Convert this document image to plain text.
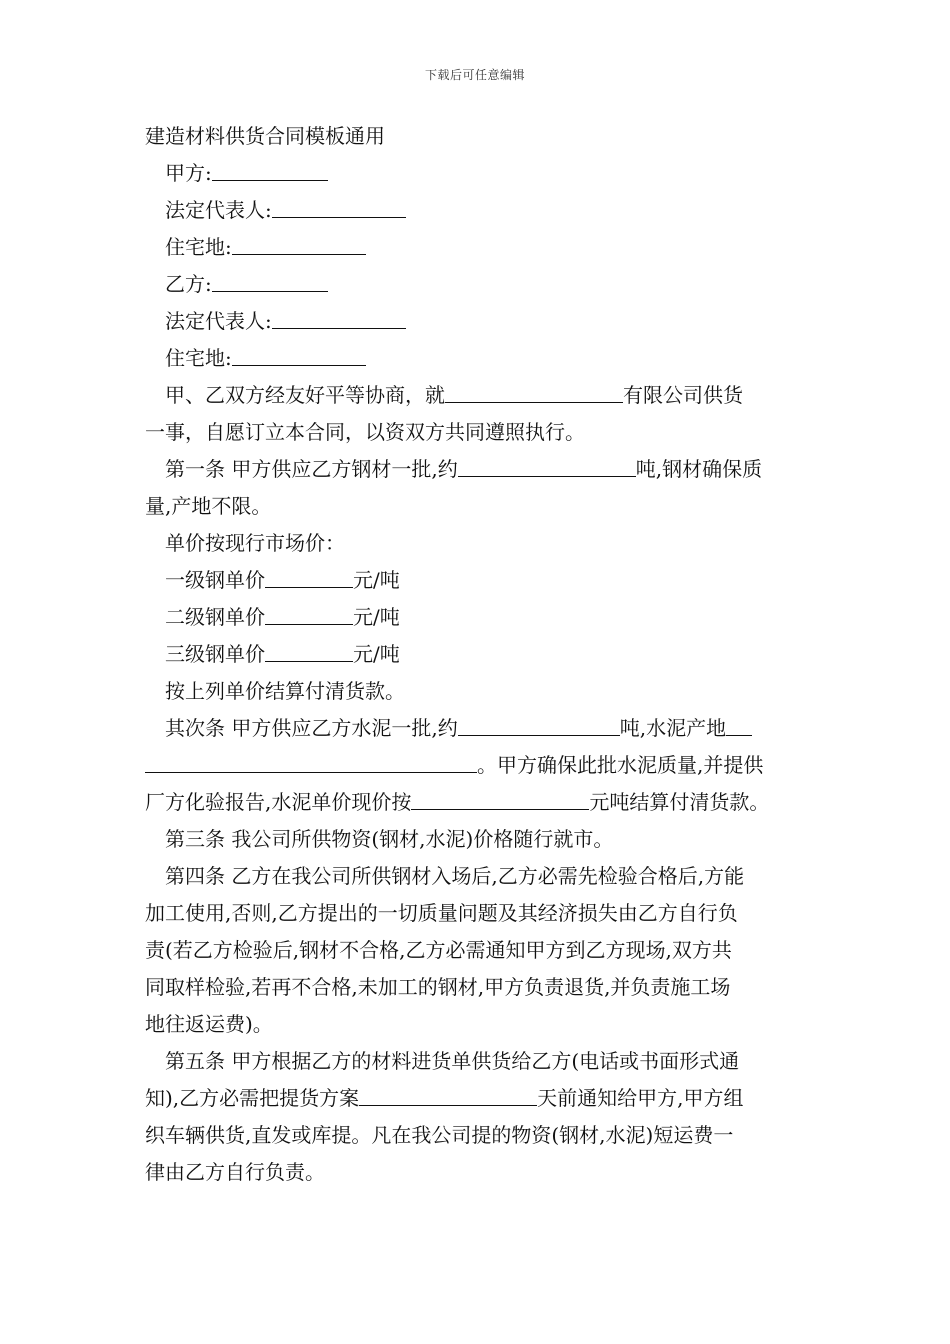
下载后可任意编辑
建造材料供货合同模板通用
甲方:
法定代表人:
住宅地:
乙方:
法定代表人:
住宅地:
甲、乙双方经友好平等协商，就	有限公司供货
一事，自愿订立本合同，以资双方共同遵照执行。
第一条 甲方供应乙方钢材一批,约	吨,钢材确保质
量,产地不限。
单价按现行市场价：
一级钢单价	元/吨
二级钢单价	元/吨
三级钢单价	元/吨
按上列单价结算付清货款。
其次条 甲方供应乙方水泥一批,约	吨,水泥产地
。甲方确保此批水泥质量,并提供
厂方化验报告,水泥单价现价按	元吨结算付清货款。
第三条 我公司所供物资(钢材,水泥)价格随行就市。
第四条 乙方在我公司所供钢材入场后,乙方必需先检验合格后,方能
加工使用,否则,乙方提出的一切质量问题及其经济损失由乙方自行负
责(若乙方检验后,钢材不合格,乙方必需通知甲方到乙方现场,双方共
同取样检验,若再不合格,未加工的钢材,甲方负责退货,并负责施工场
地往返运费)。
第五条 甲方根据乙方的材料进货单供货给乙方(电话或书面形式通
知),乙方必需把提货方案	天前通知给甲方,甲方组
织车辆供货,直发或库提。凡在我公司提的物资(钢材,水泥)短运费一
律由乙方自行负责。
